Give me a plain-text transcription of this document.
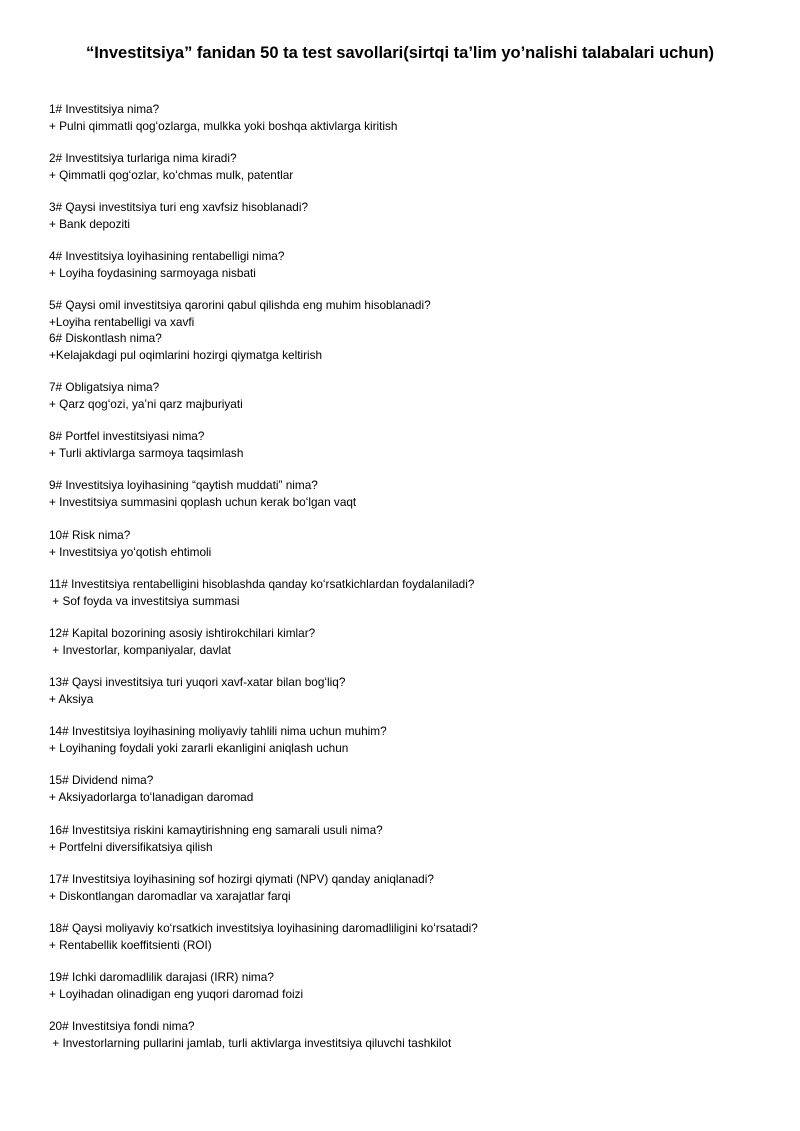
“Investitsiya” fanidan 50 ta test savollari(sirtqi ta’lim yo’nalishi talabalari uchun)
1# Investitsiya nima?
+ Pulni qimmatli qogʻozlarga, mulkka yoki boshqa aktivlarga kiritish
2# Investitsiya turlariga nima kiradi?
+ Qimmatli qogʻozlar, koʻchmas mulk, patentlar
3# Qaysi investitsiya turi eng xavfsiz hisoblanadi?
+ Bank depoziti
4# Investitsiya loyihasining rentabelligi nima?
+ Loyiha foydasining sarmoyaga nisbati
5# Qaysi omil investitsiya qarorini qabul qilishda eng muhim hisoblanadi?
+Loyiha rentabelligi va xavfi
6# Diskontlash nima?
+Kelajakdagi pul oqimlarini hozirgi qiymatga keltirish
7# Obligatsiya nima?
+ Qarz qogʻozi, ya’ni qarz majburiyati
8# Portfel investitsiyasi nima?
+ Turli aktivlarga sarmoya taqsimlash
9# Investitsiya loyihasining “qaytish muddati” nima?
+ Investitsiya summasini qoplash uchun kerak boʻlgan vaqt
10# Risk nima?
+ Investitsiya yoʻqotish ehtimoli
11# Investitsiya rentabelligini hisoblashda qanday koʻrsatkichlardan foydalaniladi?
+ Sof foyda va investitsiya summasi
12# Kapital bozorining asosiy ishtirokchilari kimlar?
+ Investorlar, kompaniyalar, davlat
13# Qaysi investitsiya turi yuqori xavf-xatar bilan bogʻliq?
+ Aksiya
14# Investitsiya loyihasining moliyaviy tahlili nima uchun muhim?
+ Loyihaning foydali yoki zararli ekanligini aniqlash uchun
15# Dividend nima?
+ Aksiyadorlarga toʻlanadigan daromad
16# Investitsiya riskini kamaytirishning eng samarali usuli nima?
+ Portfelni diversifikatsiya qilish
17# Investitsiya loyihasining sof hozirgi qiymati (NPV) qanday aniqlanadi?
+ Diskontlangan daromadlar va xarajatlar farqi
18# Qaysi moliyaviy koʻrsatkich investitsiya loyihasining daromadliligini koʻrsatadi?
+ Rentabellik koeffitsienti (ROI)
19# Ichki daromadlilik darajasi (IRR) nima?
+ Loyihadan olinadigan eng yuqori daromad foizi
20# Investitsiya fondi nima?
+ Investorlarning pullarini jamlab, turli aktivlarga investitsiya qiluvchi tashkilot
